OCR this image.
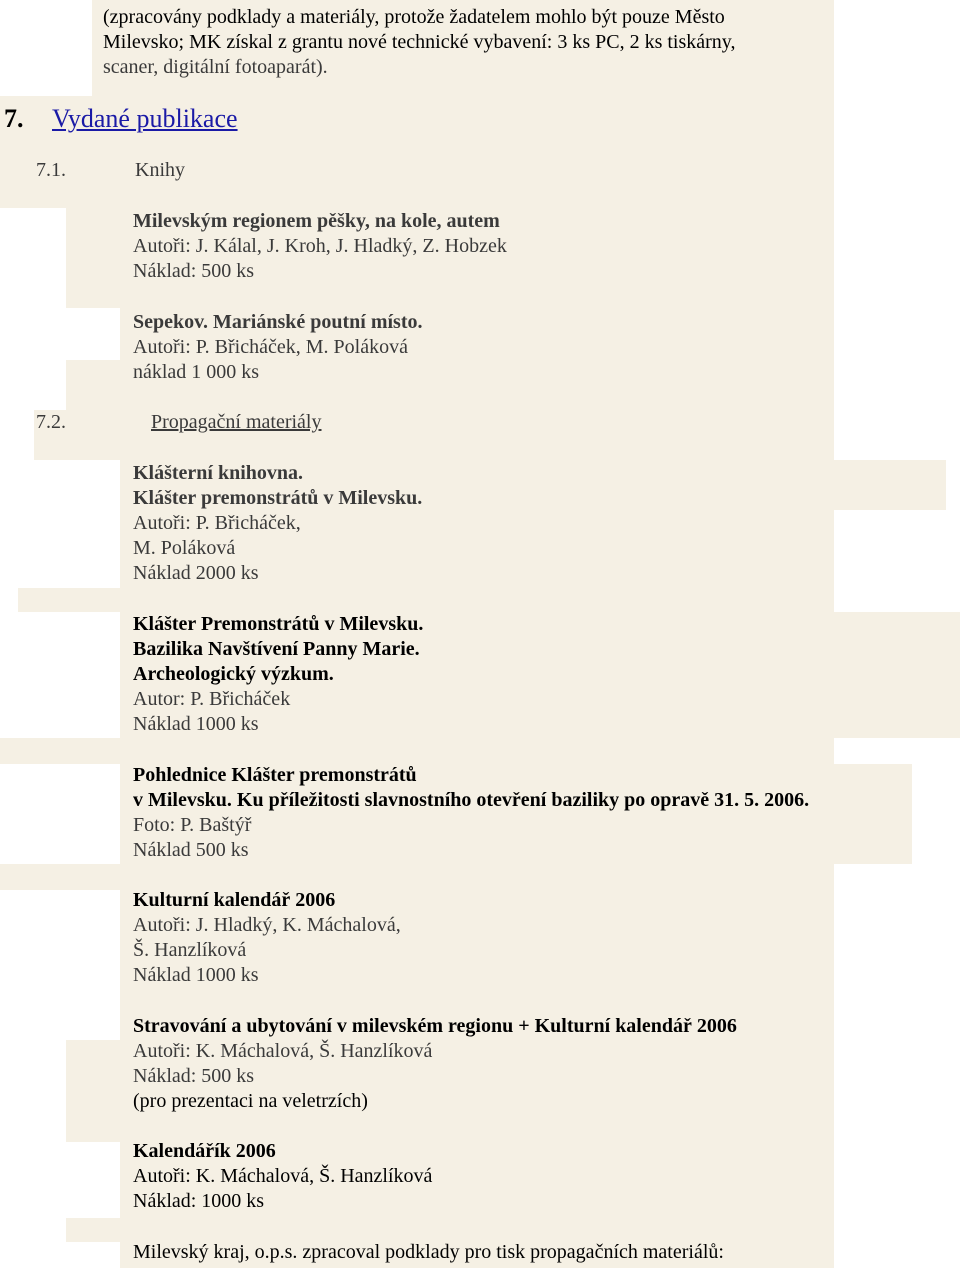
(zpracovány podklady a materiály, protože žadatelem mohlo být pouze Město
Milevsko; MK získal z grantu nové technické vybavení: 3 ks PC, 2 ks tiskárny,
scaner, digitální fotoaparát).
7. Vydané publikace
7.1.	Knihy
Milevským regionem pěšky, na kole, autem
Autoři: J. Kálal, J. Kroh, J. Hladký, Z. Hobzek
Náklad: 500 ks
Sepekov. Mariánské poutní místo.
Autoři: P. Břicháček, M. Poláková
náklad 1 000 ks
7.2.	Propagační materiály
Klášterní knihovna.
Klášter premonstrátů v Milevsku.
Autoři: P. Břicháček,
M. Poláková
Náklad 2000 ks
Klášter Premonstrátů v Milevsku.
Bazilika Navštívení Panny Marie.
Archeologický výzkum.
Autor: P. Břicháček
Náklad 1000 ks
Pohlednice Klášter premonstrátů
v Milevsku. Ku příležitosti slavnostního otevření baziliky po opravě 31. 5. 2006.
Foto: P. Baštýř
Náklad 500 ks
Kulturní kalendář 2006
Autoři: J. Hladký, K. Máchalová,
Š. Hanzlíková
Náklad 1000 ks
Stravování a ubytování v milevském regionu + Kulturní kalendář 2006
Autoři: K. Máchalová, Š. Hanzlíková
Náklad: 500 ks
(pro prezentaci na veletrzích)
Kalendářík 2006
Autoři: K. Máchalová, Š. Hanzlíková
Náklad: 1000 ks
Milevský kraj, o.p.s. zpracoval podklady pro tisk propagačních materiálů:
